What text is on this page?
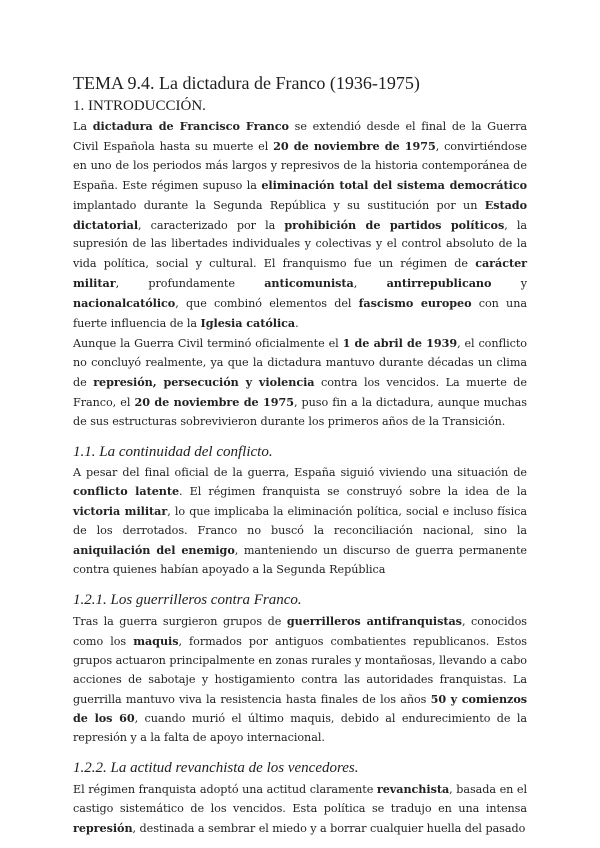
TEMA 9.4. La dictadura de Franco (1936-1975)
1. INTRODUCCIÓN.

La dictadura de Francisco Franco se extendió desde el final de la Guerra Civil Española hasta su muerte el 20 de noviembre de 1975, convirtiéndose en uno de los periodos más largos y represivos de la historia contemporánea de España. Este régimen supuso la eliminación total del sistema democrático implantado durante la Segunda República y su sustitución por un Estado dictatorial, caracterizado por la prohibición de partidos políticos, la supresión de las libertades individuales y colectivas y el control absoluto de la vida política, social y cultural. El franquismo fue un régimen de carácter militar, profundamente anticomunista, antirrepublicano y nacionalcatólico, que combinó elementos del fascismo europeo con una fuerte influencia de la Iglesia católica.

Aunque la Guerra Civil terminó oficialmente el 1 de abril de 1939, el conflicto no concluyó realmente, ya que la dictadura mantuvo durante décadas un clima de represión, persecución y violencia contra los vencidos. La muerte de Franco, el 20 de noviembre de 1975, puso fin a la dictadura, aunque muchas de sus estructuras sobrevivieron durante los primeros años de la Transición.

1.1. La continuidad del conflicto.

A pesar del final oficial de la guerra, España siguió viviendo una situación de conflicto latente. El régimen franquista se construyó sobre la idea de la victoria militar, lo que implicaba la eliminación política, social e incluso física de los derrotados. Franco no buscó la reconciliación nacional, sino la aniquilación del enemigo, manteniendo un discurso de guerra permanente contra quienes habían apoyado a la Segunda República

1.2.1. Los guerrilleros contra Franco.

Tras la guerra surgieron grupos de guerrilleros antifranquistas, conocidos como los maquis, formados por antiguos combatientes republicanos. Estos grupos actuaron principalmente en zonas rurales y montañosas, llevando a cabo acciones de sabotaje y hostigamiento contra las autoridades franquistas. La guerrilla mantuvo viva la resistencia hasta finales de los años 50 y comienzos de los 60, cuando murió el último maquis, debido al endurecimiento de la represión y a la falta de apoyo internacional.

1.2.2. La actitud revanchista de los vencedores.

El régimen franquista adoptó una actitud claramente revanchista, basada en el castigo sistemático de los vencidos. Esta política se tradujo en una intensa represión, destinada a sembrar el miedo y a borrar cualquier huella del pasado
